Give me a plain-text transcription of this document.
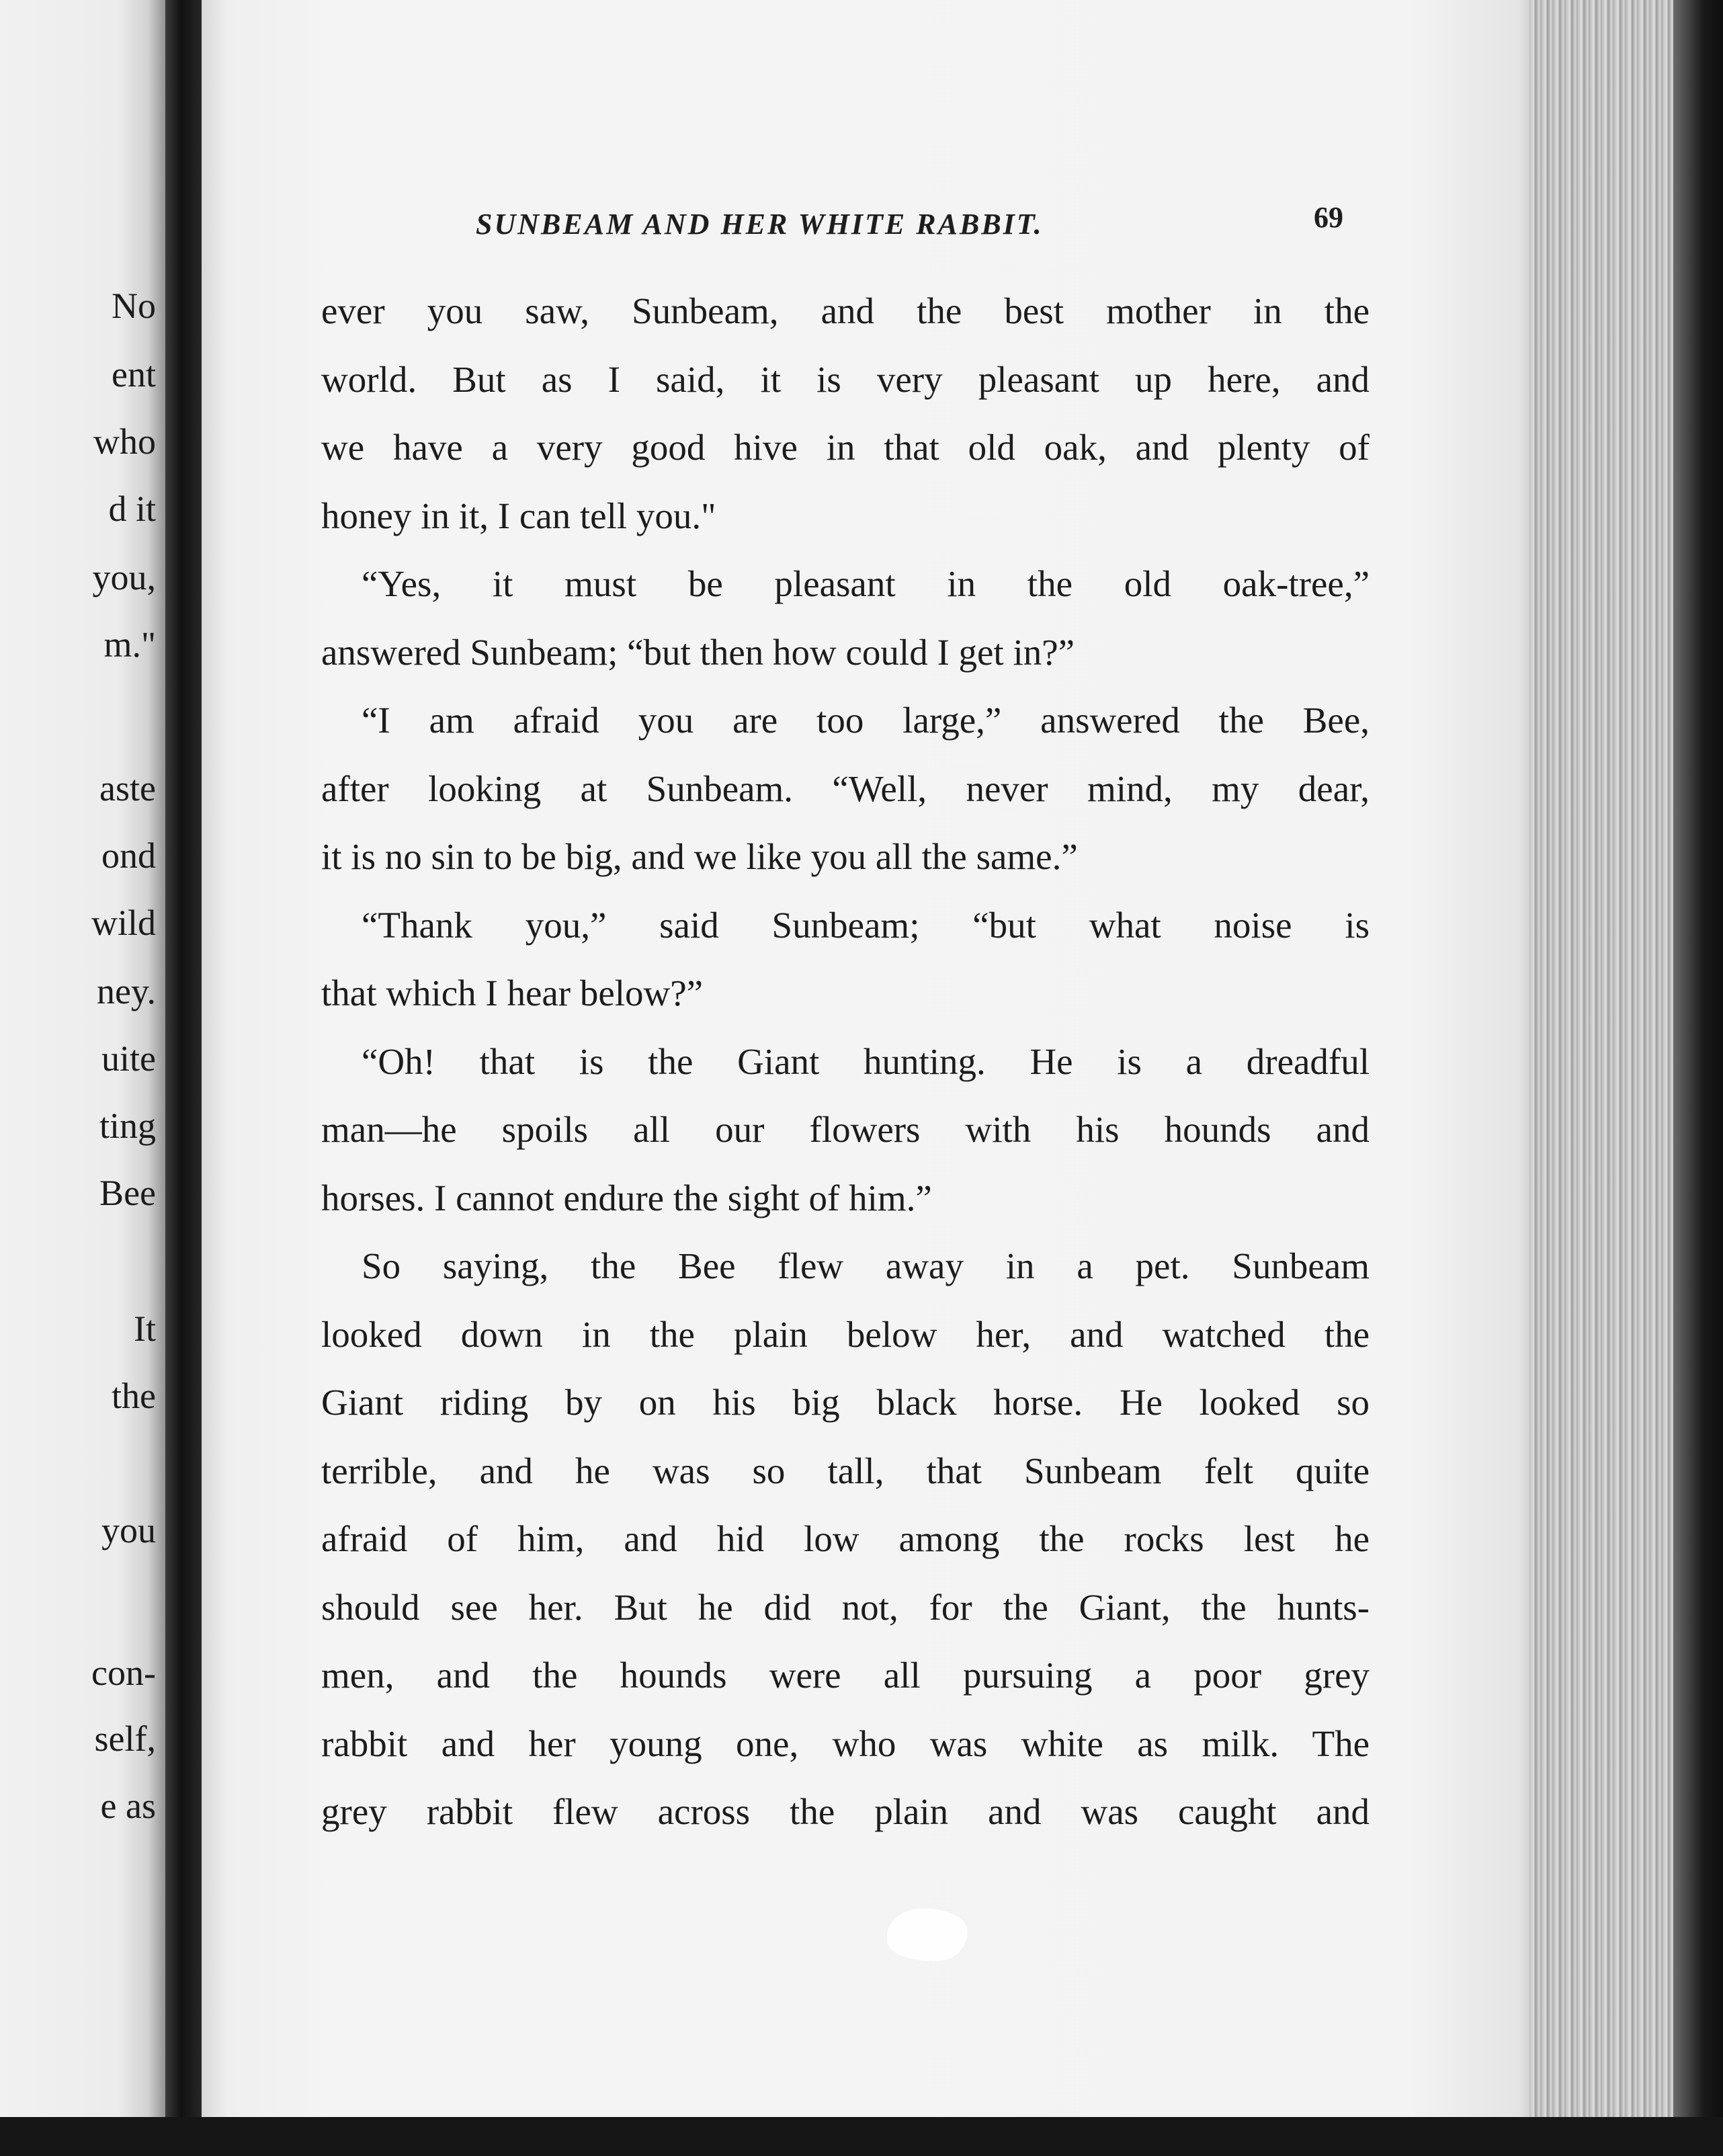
No
ent
who
d it
you,
m."
aste
ond
wild
ney.
uite
ting
Bee
It
the
you
con-
self,
e as
SUNBEAM AND HER WHITE RABBIT.	69
ever you saw, Sunbeam, and the best mother in the
world. But as I said, it is very pleasant up here, and
we have a very good hive in that old oak, and plenty of
honey in it, I can tell you."
“Yes, it must be pleasant in the old oak-tree,”
answered Sunbeam; “but then how could I get in?”
“I am afraid you are too large,” answered the Bee,
after looking at Sunbeam. “Well, never mind, my dear,
it is no sin to be big, and we like you all the same.”
“Thank you,” said Sunbeam; “but what noise is
that which I hear below?”
“Oh! that is the Giant hunting. He is a dreadful
man—he spoils all our flowers with his hounds and
horses. I cannot endure the sight of him.”
So saying, the Bee flew away in a pet. Sunbeam
looked down in the plain below her, and watched the
Giant riding by on his big black horse. He looked so
terrible, and he was so tall, that Sunbeam felt quite
afraid of him, and hid low among the rocks lest he
should see her. But he did not, for the Giant, the hunts-
men, and the hounds were all pursuing a poor grey
rabbit and her young one, who was white as milk. The
grey rabbit flew across the plain and was caught and
